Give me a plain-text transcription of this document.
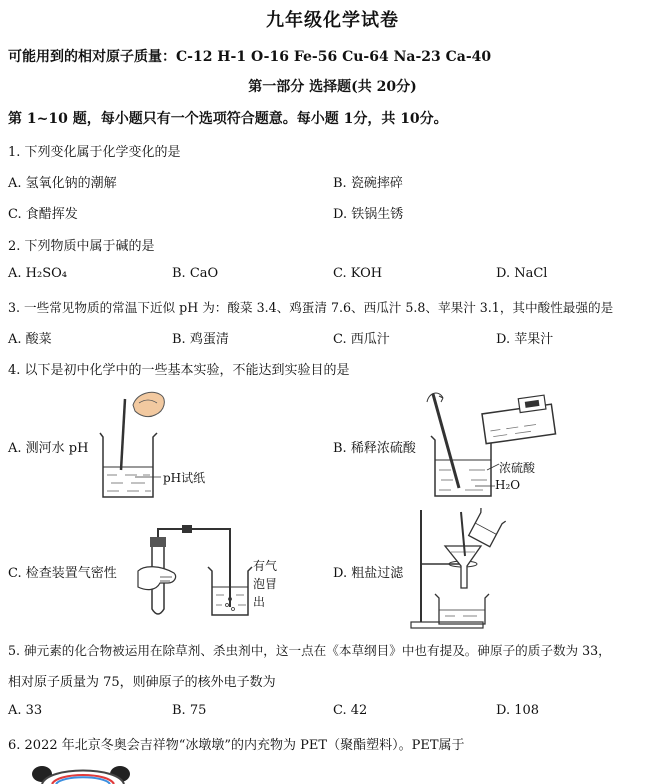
九年级化学试卷
可能用到的相对原子质量：C-12 H-1 O-16 Fe-56 Cu-64 Na-23 Ca-40
第一部分 选择题(共 20分)
第 1~10 题，每小题只有一个选项符合题意。每小题 1分，共 10分。
1. 下列变化属于化学变化的是
A. 氢氧化钠的潮解	B. 瓷碗摔碎
C. 食醋挥发	D. 铁锅生锈
2. 下列物质中属于碱的是
A. H₂SO₄	B. CaO	C. KOH	D. NaCl
3. 一些常见物质的常温下近似 pH 为：酸菜 3.4、鸡蛋清 7.6、西瓜汁 5.8、苹果汁 3.1，其中酸性最强的是
A. 酸菜	B. 鸡蛋清	C. 西瓜汁	D. 苹果汁
4. 以下是初中化学中的一些基本实验，不能达到实验目的是
A. 测河水 pH
pH试纸
B. 稀释浓硫酸
浓硫酸
H₂O
C. 检查装置气密性	有气
泡冒
出
D. 粗盐过滤
5. 砷元素的化合物被运用在除草剂、杀虫剂中，这一点在《本草纲目》中也有提及。砷原子的质子数为 33，
相对原子质量为 75，则砷原子的核外电子数为
A. 33	B. 75	C. 42	D. 108
6. 2022 年北京冬奥会吉祥物“冰墩墩”的内充物为 PET（聚酯塑料）。PET属于
